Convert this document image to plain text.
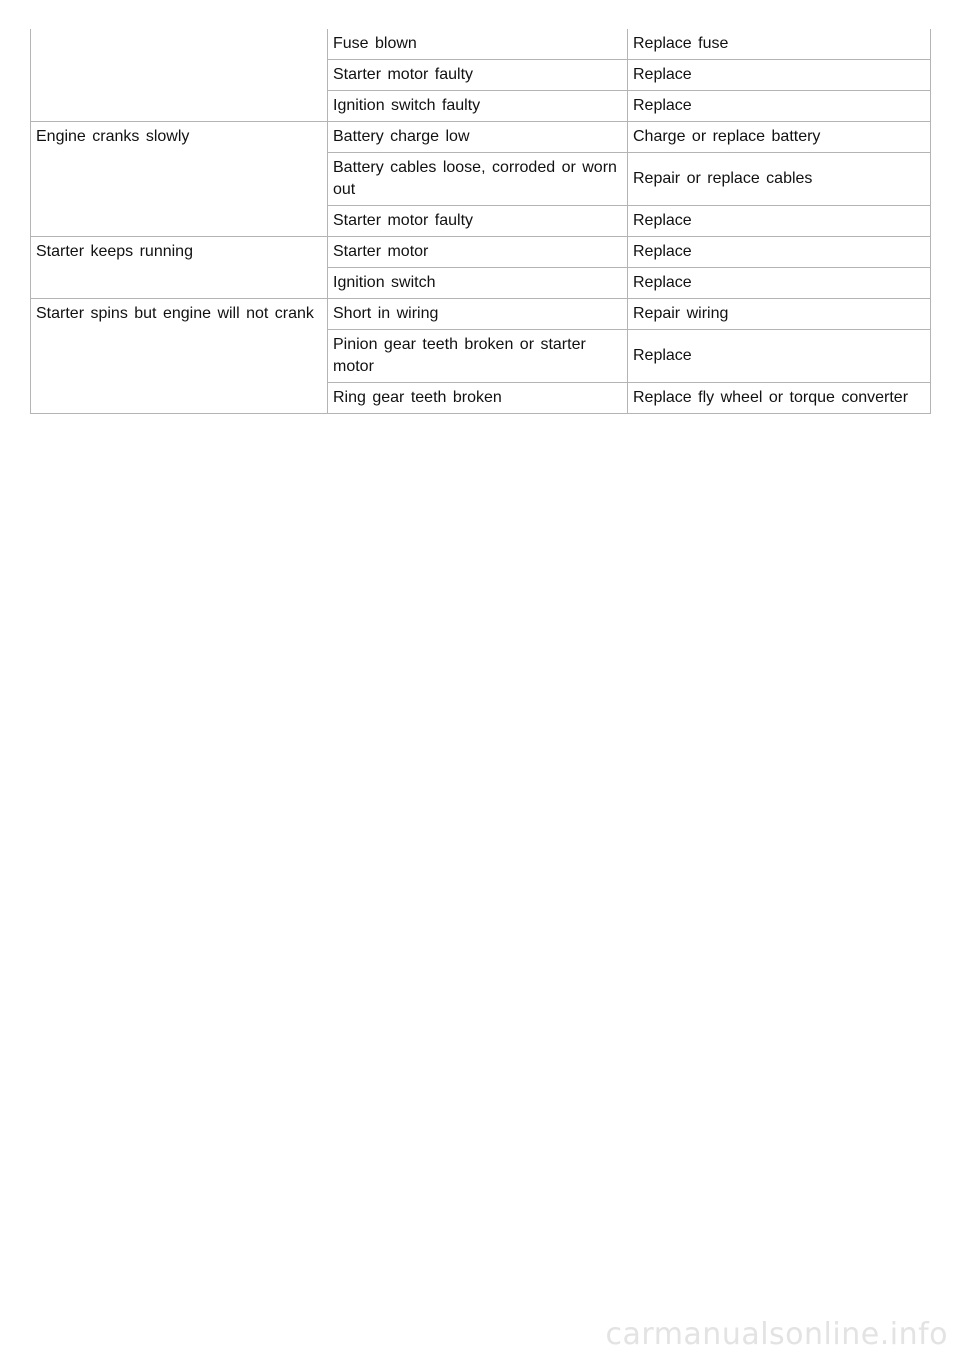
	Fuse blown	Replace fuse
	Starter motor faulty	Replace
	Ignition switch faulty	Replace
Engine cranks slowly	Battery charge low	Charge or replace battery
	Battery cables loose, corroded or worn out	Repair or replace cables
	Starter motor faulty	Replace
Starter keeps running	Starter motor	Replace
	Ignition switch	Replace
Starter spins but engine will not crank	Short in wiring	Repair wiring
	Pinion gear teeth broken or starter motor	Replace
	Ring gear teeth broken	Replace fly wheel or torque converter
carmanualsonline.info
